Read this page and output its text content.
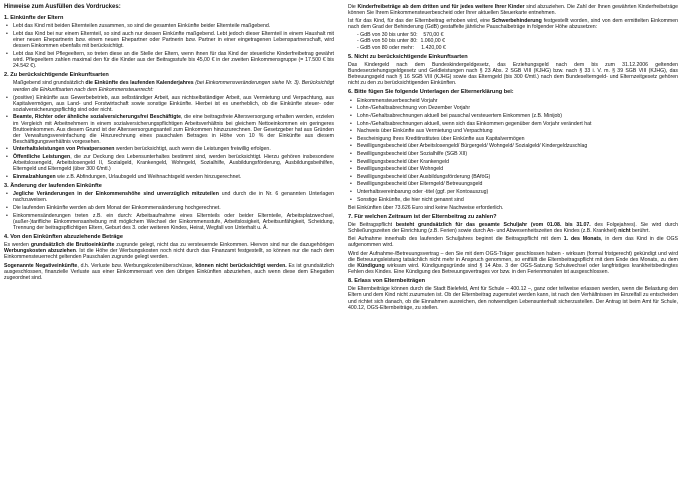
Hinweise zum Ausfüllen des Vordruckes:
1. Einkünfte der Eltern
• Lebt das Kind mit beiden Elternteilen zusammen, so sind die gesamten Einkünfte beider Elternteile maßgebend.
• Lebt das Kind bei nur einem Elternteil, so sind auch nur dessen Einkünfte maßgebend. Lebt jedoch dieser Elternteil in einem Haushalt mit einer neuen Ehepartnerin bzw. einem neuen Ehepartner oder Partnerin bzw. Partner in einer eingetragenen Lebenspartnerschaft, wird dessen Einkommen ebenfalls mit berücksichtigt.
• Lebt das Kind bei Pflegeeltern, so treten diese an die Stelle der Eltern, wenn ihnen für das Kind der steuerliche Kinderfreibetrag gewährt wird. Pflegeeltern zahlen maximal den für die Kinder aus der Beitragsstufe bis 45,00 € in der zweiten Einkommensgruppe (= 17.500 € bis 24.542 €).
2. Zu berücksichtigende Einkunftsarten

Maßgebend sind grundsätzlich die Einkünfte des laufenden Kalenderjahres (bei Einkommensveränderungen siehe Nr. 3). Berücksichtigt werden die Einkunftsarten nach dem Einkommensteuerrecht:

• (positive) Einkünfte aus Gewerbebetrieb, aus selbständiger Arbeit, aus nichtselbständiger Arbeit, aus Vermietung und Verpachtung, aus Kapitalvermögen, aus Land- und Forstwirtschaft sowie sonstige Einkünfte. Hierbei ist es unerheblich, ob die Einkünfte steuer- oder sozialversicherungspflichtig sind oder nicht.
• Beamte, Richter oder ähnliche sozialversicherungsfrei Beschäftigte, die eine beitragsfreie Altersversorgung erhalten werden, erzielen im Vergleich mit Arbeitnehmern in einem sozialversicherungspflichtigen Arbeitsverhältnis bei gleichem Nettoeinkommen ein geringeres Bruttoeinkommen. Aus diesem Grund ist der Altersversorgungsanteil zum Einkommen hinzuzurechnen. Der Gesetzgeber hat aus Gründen der Verwaltungsvereinfachung die Hinzurechnung eines pauschalen Betrages in Höhe von 10 % der Einkünfte aus diesem Beschäftigungsverhältnis vorgesehen.
• Unterhaltsleistungen von Privatpersonen werden berücksichtigt, auch wenn die Leistungen freiwillig erfolgen.
• Öffentliche Leistungen, die zur Deckung des Lebensunterhaltes bestimmt sind, werden berücksichtigt. Hierzu gehören insbesondere Arbeitslosengeld, Arbeitslosengeld II, Sozialgeld, Krankengeld, Wohngeld, Sozialhilfe, Ausbildungsförderung, Ausbildungsbeihilfen, Elterngeld und Elterngeld (über 300 €/mtl.)
• Einmalzahlungen wie z.B. Abfindungen, Urlaubsgeld und Weihnachtsgeld werden hinzugerechnet.
3. Änderung der laufenden Einkünfte
• Jegliche Veränderungen in der Einkommenshöhe sind unverzüglich mitzuteilen und durch die in Nr. 6 genannten Unterlagen nachzuweisen.
• Die laufenden Einkünfte werden ab dem Monat der Einkommensänderung hochgerechnet.
• Einkommensänderungen treten z.B. ein durch: Arbeitsaufnahme eines Elternteils oder beider Elternteile, Arbeitsplatzwechsel, (außer-)tarifliche Einkommensanhebung mit möglichem Wechsel der Einkommensstufe, Arbeitslosigkeit, Arbeitsunfähigkeit, Scheidung, Trennung der beitragspflichtigen Eltern, Geburt des 3. oder weiteren Kindes, Heirat, Wegfall von Unterhalt u. Ä.
4. Von den Einkünften abzuziehende Beträge

Es werden grundsätzlich die Bruttoeinkünfte zugrunde gelegt, nicht das zu versteuernde Einkommen. Hiervon sind nur die dazugehörigen Werbungskosten abzuziehen. Ist die Höhe der Werbungskosten noch nicht durch das Finanzamt festgestellt, so können nur die nach dem Einkommensteuerrecht geltenden Pauschalen zugrunde gelegt werden.

Sogenannte Negativeinkünfte, d.h. Verluste bzw. Werbungskostenüberschüsse, können nicht berücksichtigt werden. Es ist grundsätzlich ausgeschlossen, finanzielle Verluste aus einer Einkommensart von den übrigen Einkünften abzuziehen, auch wenn diese dem Ehegatten zugeordnet sind.

Die Kinderfreibeträge ab dem dritten und für jedes weitere Ihrer Kinder sind abzuziehen. Die Zahl der Ihnen gewährten Kinderfreibeträge können Sie Ihrem Einkommensteuerbescheid oder Ihrer aktuellen Steuerkarte entnehmen.

Ist für das Kind, für das der Elternbeitrag erhoben wird, eine Schwerbehinderung festgestellt worden, sind von dem ermittelten Einkommen nach dem Grad der Behinderung (GdB) gestaffelte jährliche Pauschalbeträge in folgender Höhe abzusetzen:

- GdB von 30 bis unter 50:    570,00 €
- GdB von 50 bis unter 80:  1.060,00 €
- GdB von 80 oder mehr:     1.420,00 €
5. Nicht zu berücksichtigende Einkunftsarten

Das Kindergeld nach dem Bundeskindergeldgesetz, das Erziehungsgeld nach dem bis zum 31.12.2006 geltenden Bundeserziehungsgeldgesetz und Geldleistungen nach § 23 Abs. 2 SGB VIII (KJHG) bzw. nach § 33 i. V. m. § 39 SGB VIII (KJHG), das Betreuungsgeld nach § 16 SGB VIII (KJHG) sowie das Elterngeld (bis 300 €/mtl.) nach dem Bundeselterngeld- und Elternzeitgesetz gehören nicht zu den zu berücksichtigenden Einkünften.

6. Bitte fügen Sie folgende Unterlagen der Elternerklärung bei:
• Einkommensteuerbescheid Vorjahr
• Lohn-/Gehaltsabrechnung von Dezember Vorjahr
• Lohn-/Gehaltsabrechnungen aktuell bei pauschal versteuertem Einkommen (z.B. Minijob)
• Lohn-/Gehaltsabrechnungen aktuell, wenn sich das Einkommen gegenüber dem Vorjahr verändert hat
• Nachweis über Einkünfte aus Vermietung und Verpachtung
• Bescheinigung Ihres Kreditinstitutes über Einkünfte aus Kapitalvermögen
• Bewilligungsbescheid über Arbeitslosengeld/ Bürgergeld/ Wohngeld/ Sozialgeld/ Kindergeldzuschlag
• Bewilligungsbescheid über Sozialhilfe (SGB XII)
• Bewilligungsbescheid über Krankengeld
• Bewilligungsbescheid über Wohngeld
• Bewilligungsbescheid über Ausbildungsförderung (BAföG)
• Bewilligungsbescheid über Elterngeld/ Betreuungsgeld
• Unterhaltsvereinbarung oder -titel (ggf. per Kontoauszug)
• Sonstige Einkünfte, die hier nicht genannt sind

Bei Einkünften über 73.626 Euro sind keine Nachweise erforderlich.

7. Für welchen Zeitraum ist der Elternbeitrag zu zahlen?

Die Beitragspflicht besteht grundsätzlich für das gesamte Schuljahr (vom 01.08. bis 31.07. des Folgejahres). Sie wird durch Schließungszeiten der Einrichtung (z.B. Ferien) sowie durch An- und Abwesenheitszeiten des Kindes (z.B. Krankheit) nicht berührt.

Bei Aufnahme innerhalb des laufenden Schuljahres beginnt die Beitragspflicht mit dem 1. des Monats, in dem das Kind in die OGS aufgenommen wird.

Wird der Aufnahme-/Betreuungsvertrag – den Sie mit dem OGS-Träger geschlossen haben - wirksam (formal fristgerecht) gekündigt und wird die Betreuungsleistung tatsächlich nicht mehr in Anspruch genommen, so entfällt die Elternbeitragspflicht mit dem Ende des Monats, zu dem die Kündigung wirksam wird. Kündigungsgründe sind § 14 Abs. 3 der OGS-Satzung Schulwechsel oder langfristiges krankheitsbedingtes Fehlen des Kindes. Eine Kündigung des Betreuungsvertrages vor bzw. in den Ferienmonaten ist ausgeschlossen.

8. Erlass von Elternbeiträgen

Die Elternbeiträge können durch die Stadt Bielefeld, Amt für Schule – 400.12 –, ganz oder teilweise erlassen werden, wenn die Belastung den Eltern und dem Kind nicht zuzumuten ist. Ob der Elternbeitrag zugemutet werden kann, ist nach den Verhältnissen im Einzelfall zu entscheiden und richtet sich danach, ob die Einnahmen ausreichen, den notwendigen Lebensunterhalt sicherzustellen. Der Antrag ist beim Amt für Schule, 400.12, OGS-Elternbeiträge, zu stellen.
